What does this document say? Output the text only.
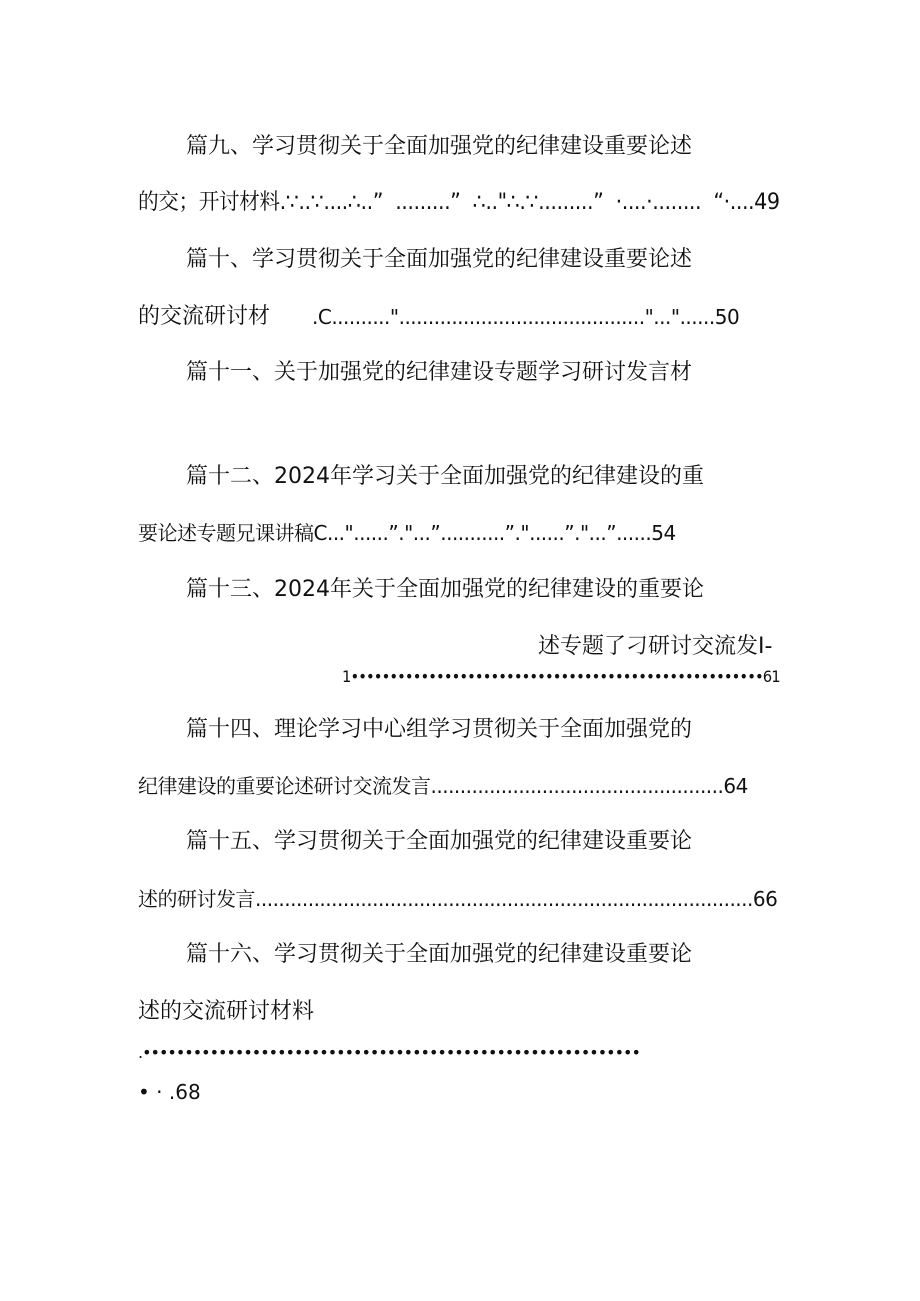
篇九、学习贯彻关于全面加强党的纪律建设重要论述
的交；开讨材料.∵..∵....∴..”  .........”  ∴.."∴.∵.........”  ·....·........  “·....49
篇十、学习贯彻关于全面加强党的纪律建设重要论述
的交流研讨材 .C..........".........................................."..."......50
篇十一、关于加强党的纪律建设专题学习研讨发言材
篇十二、2024年学习关于全面加强党的纪律建设的重
要论述专题兄课讲稿C..."......”."...”...........”."......”."...”......54
篇十三、2024年关于全面加强党的纪律建设的重要论
述专题了刁研讨交流发I-
1•••••••••••••••••••••••••••••••••••••••••••••••••••••61
篇十四、理论学习中心组学习贯彻关于全面加强党的
纪律建设的重要论述研讨交流发言..................................................64
篇十五、学习贯彻关于全面加强党的纪律建设重要论
述的研讨发言.....................................................................................66
篇十六、学习贯彻关于全面加强党的纪律建设重要论
述的交流研讨材料
.•••••••••••••••••••••••••••••••••••••••••••••••••••••••••••
• · .68
